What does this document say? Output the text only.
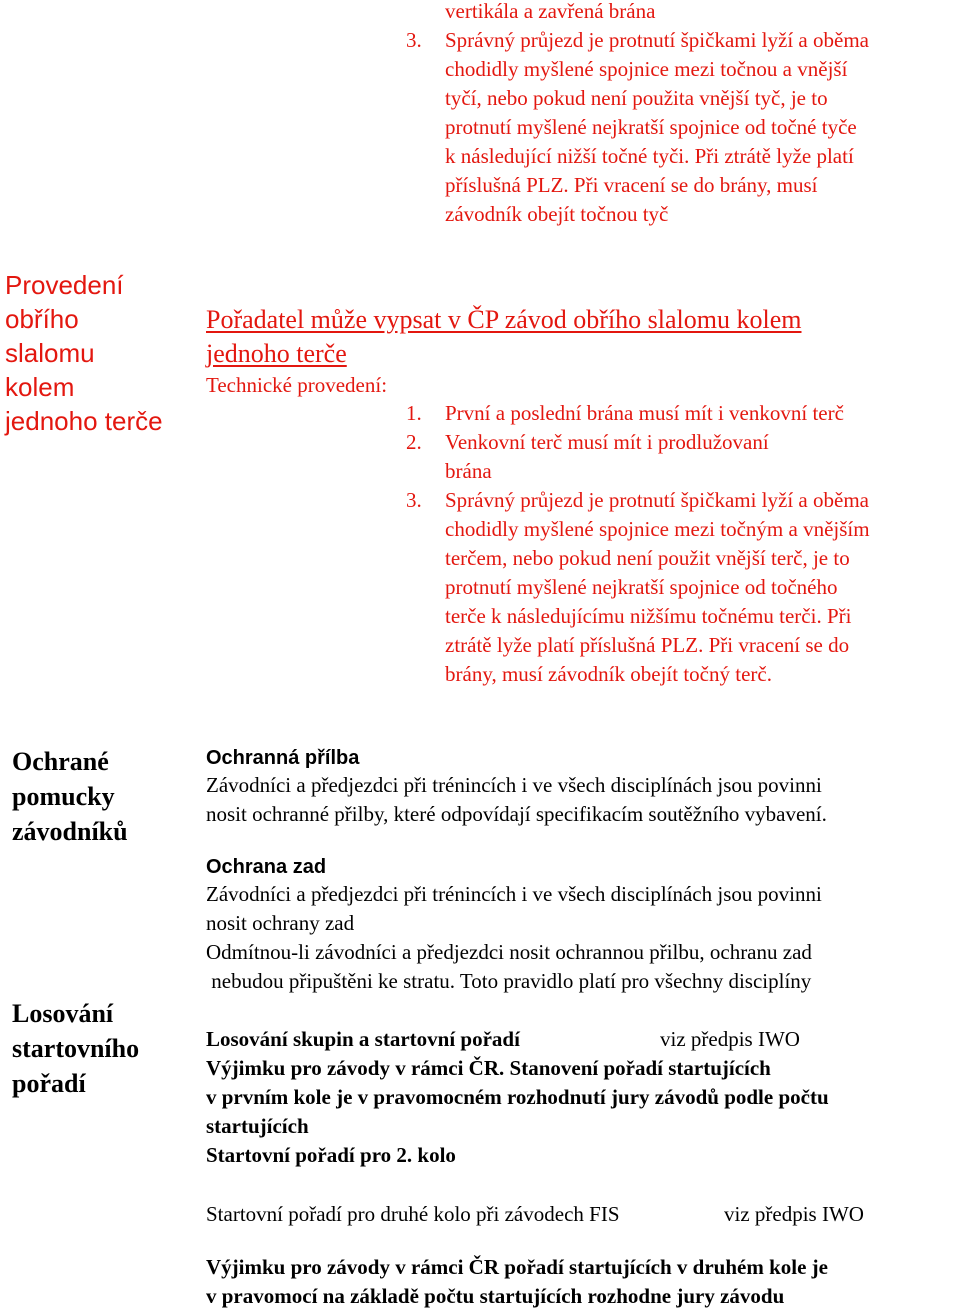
vertikála a zavřená brána
3. Správný průjezd je protnutí špičkami lyží a oběma
chodidly myšlené spojnice mezi točnou a vnější
tyčí, nebo pokud není použita vnější tyč, je to
protnutí myšlené nejkratší spojnice od točné tyče
k následující nižší točné tyči. Při ztrátě lyže platí
příslušná PLZ. Při vracení se do brány, musí
závodník obejít točnou tyč
Provedení
obřího
slalomu
kolem
jednoho terče
Pořadatel může vypsat v ČP závod obřího slalomu kolem
jednoho terče
Technické provedení:
1. První a poslední brána musí mít i venkovní terč
2. Venkovní terč musí mít i prodlužovaní
brána
3. Správný průjezd je protnutí špičkami lyží a oběma
chodidly myšlené spojnice mezi točným a vnějším
terčem, nebo pokud není použit vnější terč, je to
protnutí myšlené nejkratší spojnice od točného
terče k následujícímu nižšímu točnému terči. Při
ztrátě lyže platí příslušná PLZ. Při vracení se do
brány, musí závodník obejít točný terč.
Ochrané
pomucky
závodníků
Ochranná přílba
Závodníci a předjezdci při trénincích i ve všech disciplínách jsou povinni
nosit ochranné přilby, které odpovídají specifikacím soutěžního vybavení.
Ochrana zad
Závodníci a předjezdci při trénincích i ve všech disciplínách jsou povinni
nosit ochrany zad
Odmítnou-li závodníci a předjezdci nosit ochrannou přilbu, ochranu zad
nebudou připuštěni ke stratu. Toto pravidlo platí pro všechny disciplíny
Losování
startovního
pořadí
Losování skupin a startovní pořadí	viz předpis IWO
Výjimku pro závody v rámci ČR. Stanovení pořadí startujících
v prvním kole je v pravomocném rozhodnutí jury závodů podle počtu
startujících
Startovní pořadí pro 2. kolo
Startovní pořadí pro druhé kolo při závodech FIS	viz předpis IWO
Výjimku pro závody v rámci ČR pořadí startujících v druhém kole je
v pravomocí na základě počtu startujících rozhodne jury závodu
